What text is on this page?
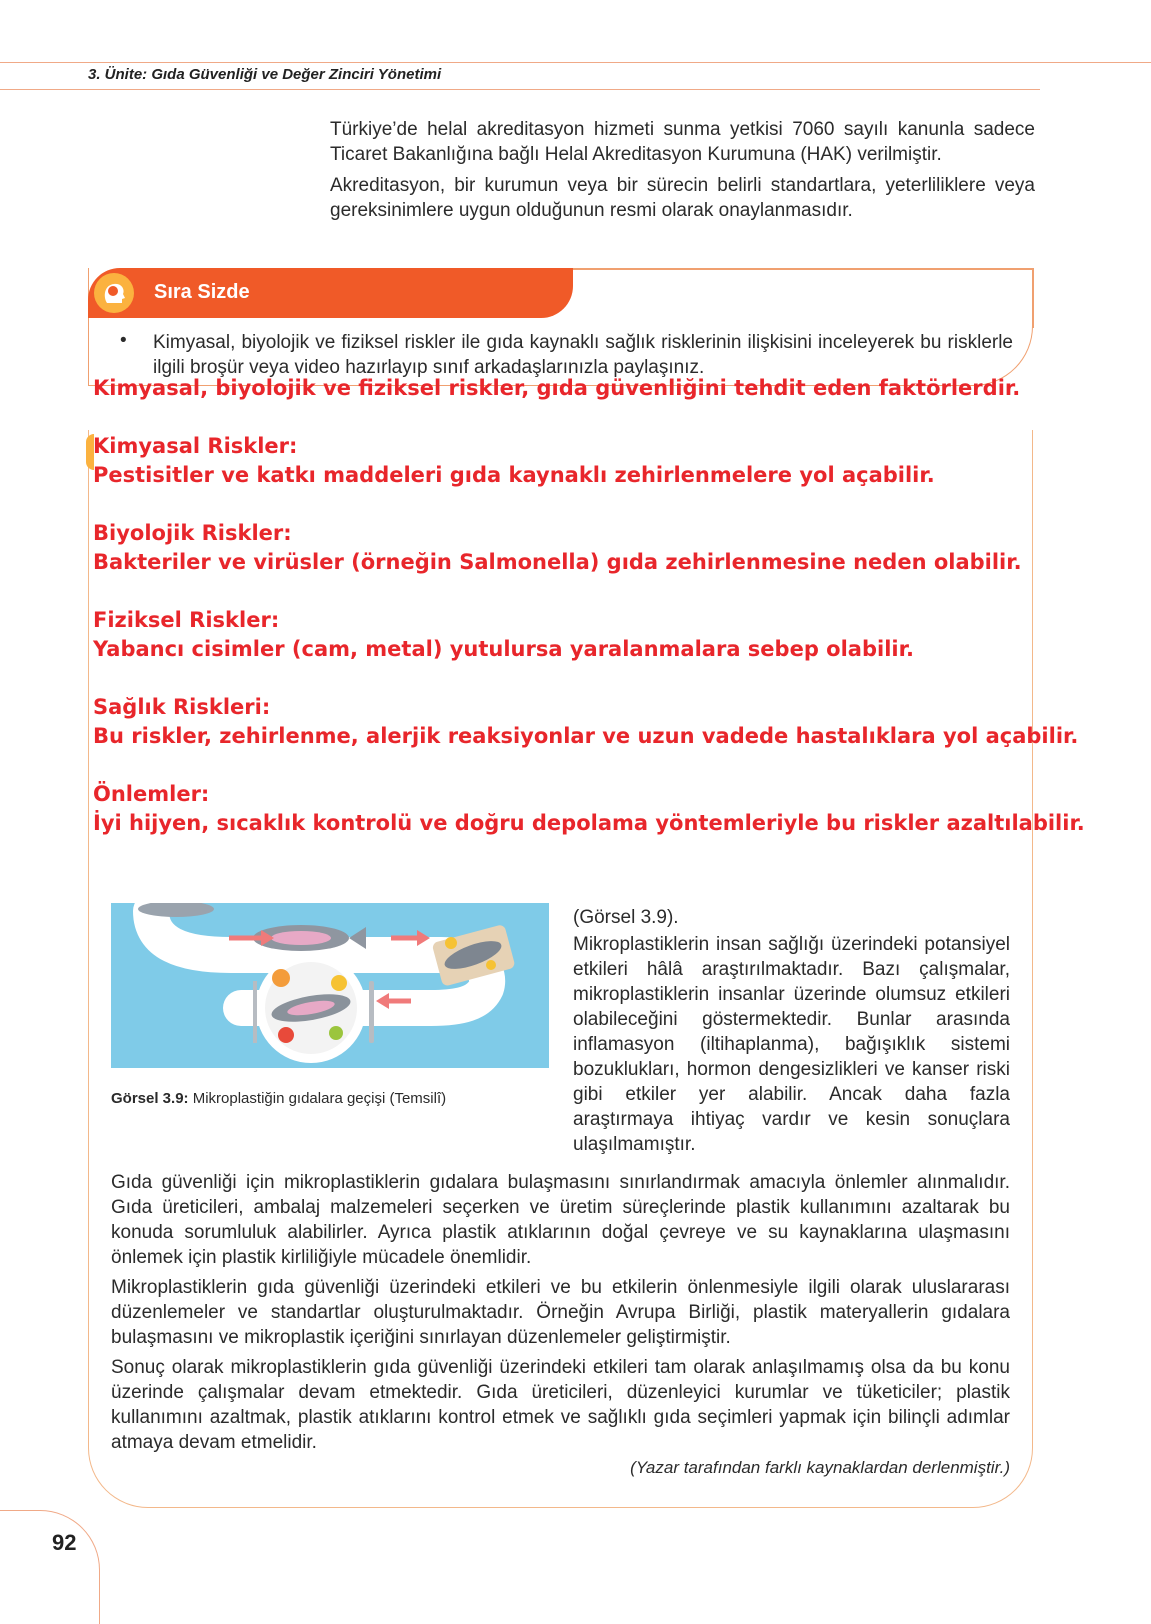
3. Ünite: Gıda Güvenliği ve Değer Zinciri Yönetimi

Türkiye’de helal akreditasyon hizmeti sunma yetkisi 7060 sayılı kanunla sadece Ticaret Bakanlığına bağlı Helal Akreditasyon Kurumuna (HAK) verilmiştir.

Akreditasyon, bir kurumun veya bir sürecin belirli standartlara, yeterliliklere veya gereksinimlere uygun olduğunun resmi olarak onaylanmasıdır.

Sıra Sizde
• Kimyasal, biyolojik ve fiziksel riskler ile gıda kaynaklı sağlık risklerinin ilişkisini inceleyerek bu risklerle ilgili broşür veya video hazırlayıp sınıf arkadaşlarınızla paylaşınız.
Kimyasal, biyolojik ve fiziksel riskler, gıda güvenliğini tehdit eden faktörlerdir.
Kimyasal Riskler:
Pestisitler ve katkı maddeleri gıda kaynaklı zehirlenmelere yol açabilir.
Biyolojik Riskler:
Bakteriler ve virüsler (örneğin Salmonella) gıda zehirlenmesine neden olabilir.
Fiziksel Riskler:
Yabancı cisimler (cam, metal) yutulursa yaralanmalara sebep olabilir.
Sağlık Riskleri:
Bu riskler, zehirlenme, alerjik reaksiyonlar ve uzun vadede hastalıklara yol açabilir.
Önlemler:
İyi hijyen, sıcaklık kontrolü ve doğru depolama yöntemleriyle bu riskler azaltılabilir.
Görsel 3.9: Mikroplastiğin gıdalara geçişi (Temsilî)

(Görsel 3.9).

Mikroplastiklerin insan sağlığı üzerindeki potansiyel etkileri hâlâ araştırılmaktadır. Bazı çalışmalar, mikroplastiklerin insanlar üzerinde olumsuz etkileri olabileceğini göstermektedir. Bunlar arasında inflamasyon (iltihaplanma), bağışıklık sistemi bozuklukları, hormon dengesizlikleri ve kanser riski gibi etkiler yer alabilir. Ancak daha fazla araştırmaya ihtiyaç vardır ve kesin sonuçlara ulaşılmamıştır.

Gıda güvenliği için mikroplastiklerin gıdalara bulaşmasını sınırlandırmak amacıyla önlemler alınmalıdır. Gıda üreticileri, ambalaj malzemeleri seçerken ve üretim süreçlerinde plastik kullanımını azaltarak bu konuda sorumluluk alabilirler. Ayrıca plastik atıklarının doğal çevreye ve su kaynaklarına ulaşmasını önlemek için plastik kirliliğiyle mücadele önemlidir.

Mikroplastiklerin gıda güvenliği üzerindeki etkileri ve bu etkilerin önlenmesiyle ilgili olarak uluslararası düzenlemeler ve standartlar oluşturulmaktadır. Örneğin Avrupa Birliği, plastik materyallerin gıdalara bulaşmasını ve mikroplastik içeriğini sınırlayan düzenlemeler geliştirmiştir.

Sonuç olarak mikroplastiklerin gıda güvenliği üzerindeki etkileri tam olarak anlaşılmamış olsa da bu konu üzerinde çalışmalar devam etmektedir. Gıda üreticileri, düzenleyici kurumlar ve tüketiciler; plastik kullanımını azaltmak, plastik atıklarını kontrol etmek ve sağlıklı gıda seçimleri yapmak için bilinçli adımlar atmaya devam etmelidir.

(Yazar tarafından farklı kaynaklardan derlenmiştir.)
92
